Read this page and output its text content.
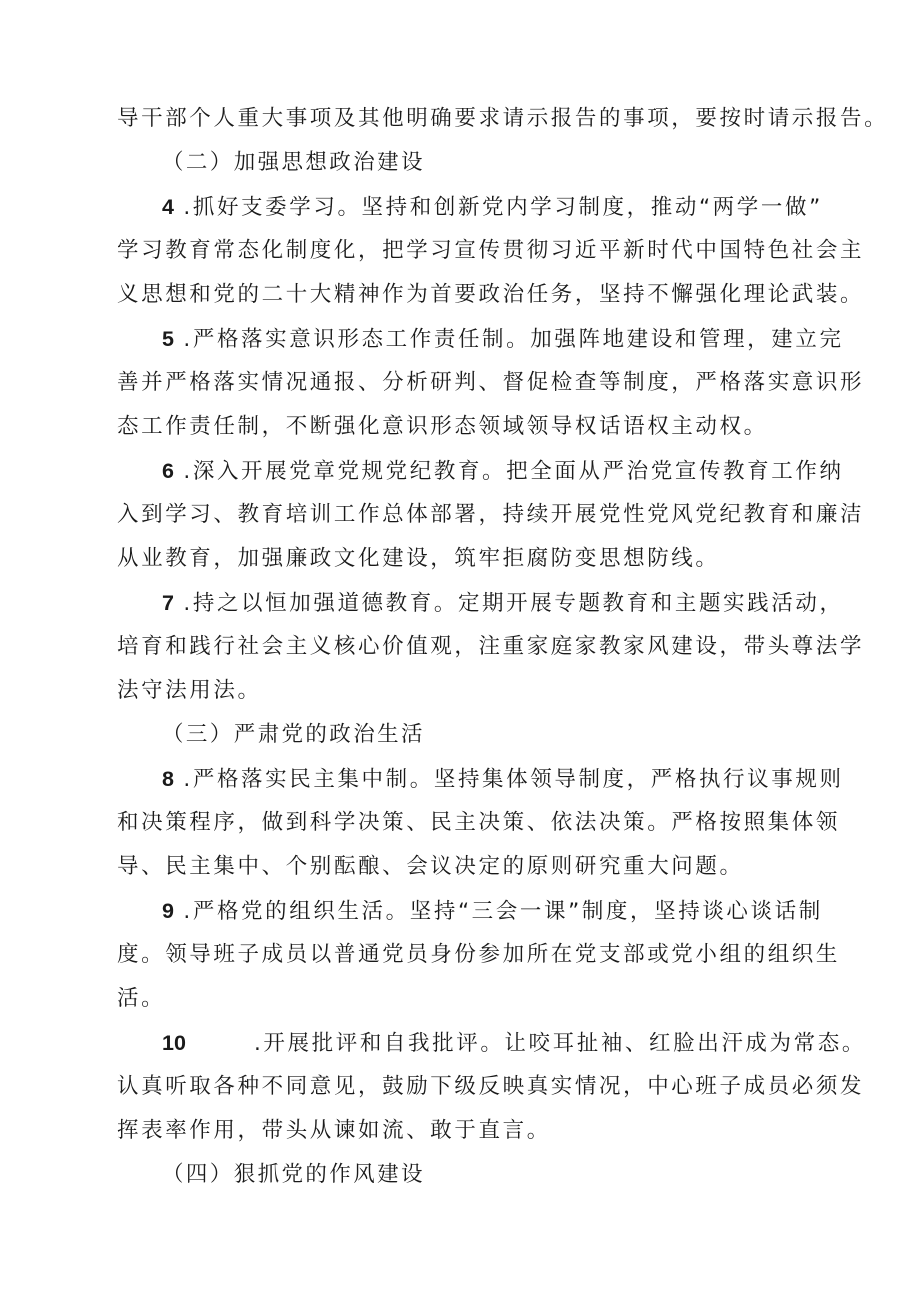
导干部个人重大事项及其他明确要求请示报告的事项，要按时请示报告。
（二）加强思想政治建设
4 .抓好支委学习。坚持和创新党内学习制度，推动“两学一做”
学习教育常态化制度化，把学习宣传贯彻习近平新时代中国特色社会主
义思想和党的二十大精神作为首要政治任务，坚持不懈强化理论武装。
5 .严格落实意识形态工作责任制。加强阵地建设和管理，建立完
善并严格落实情况通报、分析研判、督促检查等制度，严格落实意识形
态工作责任制，不断强化意识形态领域领导权话语权主动权。
6 .深入开展党章党规党纪教育。把全面从严治党宣传教育工作纳
入到学习、教育培训工作总体部署，持续开展党性党风党纪教育和廉洁
从业教育，加强廉政文化建设，筑牢拒腐防变思想防线。
7 .持之以恒加强道德教育。定期开展专题教育和主题实践活动，
培育和践行社会主义核心价值观，注重家庭家教家风建设，带头尊法学
法守法用法。
（三）严肃党的政治生活
8 .严格落实民主集中制。坚持集体领导制度，严格执行议事规则
和决策程序，做到科学决策、民主决策、依法决策。严格按照集体领
导、民主集中、个别酝酿、会议决定的原则研究重大问题。
9 .严格党的组织生活。坚持“三会一课”制度，坚持谈心谈话制
度。领导班子成员以普通党员身份参加所在党支部或党小组的组织生
活。
10	.开展批评和自我批评。让咬耳扯袖、红脸出汗成为常态。
认真听取各种不同意见，鼓励下级反映真实情况，中心班子成员必须发
挥表率作用，带头从谏如流、敢于直言。
（四）狠抓党的作风建设
